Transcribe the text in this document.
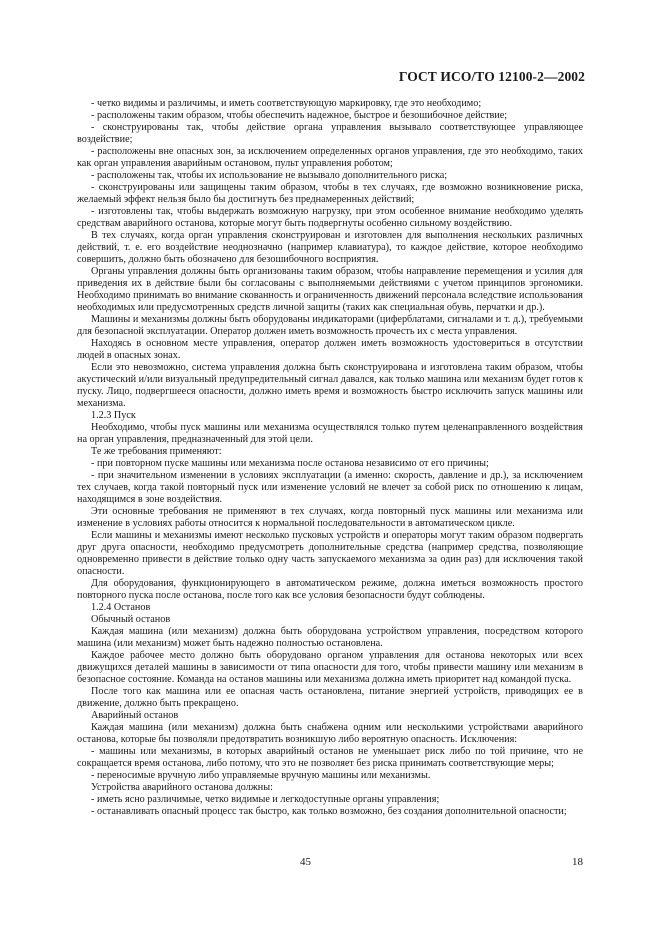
ГОСТ ИСО/ТО 12100-2—2002

- четко видимы и различимы, и иметь соответствующую маркировку, где это необходимо;

- расположены таким образом, чтобы обеспечить надежное, быстрое и безошибочное действие;

- сконструированы так, чтобы действие органа управления вызывало соответствующее управляющее воздействие;

- расположены вне опасных зон, за исключением определенных органов управления, где это необходимо, таких как орган управления аварийным остановом, пульт управления роботом;

- расположены так, чтобы их использование не вызывало дополнительного риска;

- сконструированы или защищены таким образом, чтобы в тех случаях, где возможно возникновение риска, желаемый эффект нельзя было бы достигнуть без преднамеренных действий;

- изготовлены так, чтобы выдержать возможную нагрузку, при этом особенное внимание необходимо уделять средствам аварийного останова, которые могут быть подвергнуты особенно сильному воздействию.

В тех случаях, когда орган управления сконструирован и изготовлен для выполнения нескольких различных действий, т. е. его воздействие неоднозначно (например клавиатура), то каждое действие, которое необходимо совершить, должно быть обозначено для безошибочного восприятия.

Органы управления должны быть организованы таким образом, чтобы направление перемещения и усилия для приведения их в действие были бы согласованы с выполняемыми действиями с учетом принципов эргономики. Необходимо принимать во внимание скованность и ограниченность движений персонала вследствие использования необходимых или предусмотренных средств личной защиты (таких как специальная обувь, перчатки и др.).

Машины и механизмы должны быть оборудованы индикаторами (циферблатами, сигналами и т. д.), требуемыми для безопасной эксплуатации. Оператор должен иметь возможность прочесть их с места управления.

Находясь в основном месте управления, оператор должен иметь возможность удостовериться в отсутствии людей в опасных зонах.

Если это невозможно, система управления должна быть сконструирована и изготовлена таким образом, чтобы акустический и/или визуальный предупредительный сигнал давался, как только машина или механизм будет готов к пуску. Лицо, подвергшееся опасности, должно иметь время и возможность быстро исключить запуск машины или механизма.

1.2.3 Пуск

Необходимо, чтобы пуск машины или механизма осуществлялся только путем целенаправленного воздействия на орган управления, предназначенный для этой цели.

Те же требования применяют:

- при повторном пуске машины или механизма после останова независимо от его причины;

- при значительном изменении в условиях эксплуатации (а именно: скорость, давление и др.), за исключением тех случаев, когда такой повторный пуск или изменение условий не влечет за собой риск по отношению к лицам, находящимся в зоне воздействия.

Эти основные требования не применяют в тех случаях, когда повторный пуск машины или механизма или изменение в условиях работы относится к нормальной последовательности в автоматическом цикле.

Если машины и механизмы имеют несколько пусковых устройств и операторы могут таким образом подвергать друг друга опасности, необходимо предусмотреть дополнительные средства (например средства, позволяющие одновременно привести в действие только одну часть запускаемого механизма за один раз) для исключения такой опасности.

Для оборудования, функционирующего в автоматическом режиме, должна иметься возможность простого повторного пуска после останова, после того как все условия безопасности будут соблюдены.

1.2.4 Останов

Обычный останов

Каждая машина (или механизм) должна быть оборудована устройством управления, посредством которого машина (или механизм) может быть надежно полностью остановлена.

Каждое рабочее место должно быть оборудовано органом управления для останова некоторых или всех движущихся деталей машины в зависимости от типа опасности для того, чтобы привести машину или механизм в безопасное состояние. Команда на останов машины или механизма должна иметь приоритет над командой пуска.

После того как машина или ее опасная часть остановлена, питание энергией устройств, приводящих ее в движение, должно быть прекращено.

Аварийный останов

Каждая машина (или механизм) должна быть снабжена одним или несколькими устройствами аварийного останова, которые бы позволяли предотвратить возникшую либо вероятную опасность. Исключения:

- машины или механизмы, в которых аварийный останов не уменьшает риск либо по той причине, что не сокращается время останова, либо потому, что это не позволяет без риска принимать соответствующие меры;

- переносимые вручную либо управляемые вручную машины или механизмы.

Устройства аварийного останова должны:

- иметь ясно различимые, четко видимые и легкодоступные органы управления;

- останавливать опасный процесс так быстро, как только возможно, без создания дополнительной опасности;

45	18
